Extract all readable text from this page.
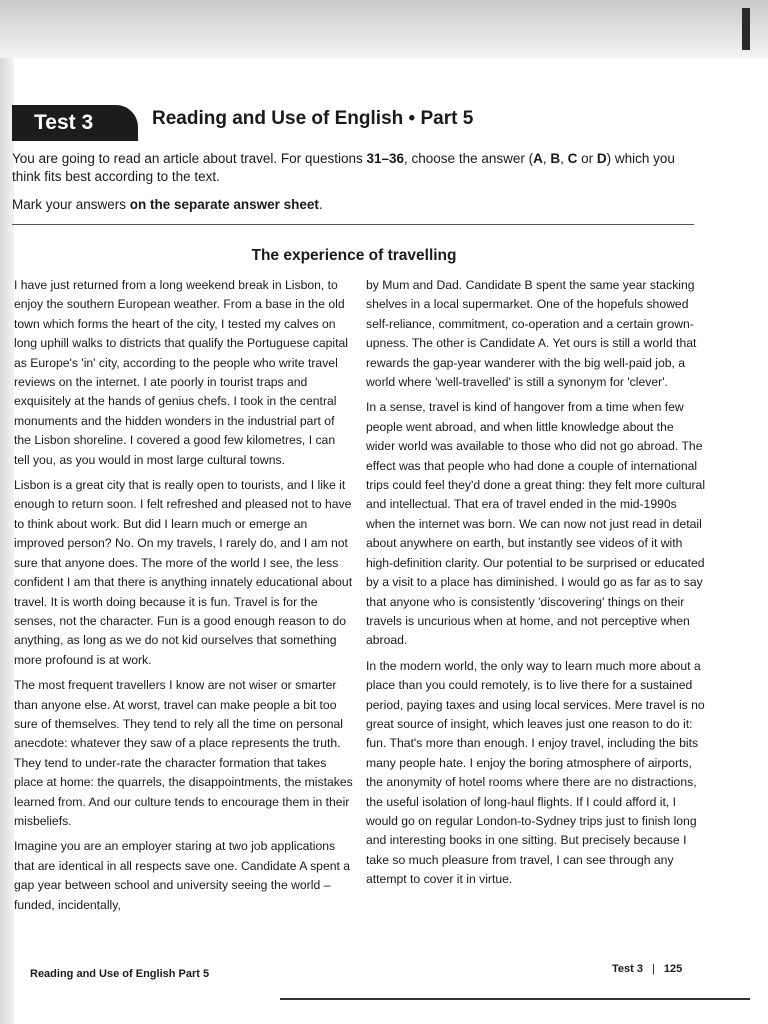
Test 3	Reading and Use of English • Part 5

You are going to read an article about travel. For questions 31–36, choose the answer (A, B, C or D) which you think fits best according to the text.

Mark your answers on the separate answer sheet.

The experience of travelling

I have just returned from a long weekend break in Lisbon, to enjoy the southern European weather. From a base in the old town which forms the heart of the city, I tested my calves on long uphill walks to districts that qualify the Portuguese capital as Europe's 'in' city, according to the people who write travel reviews on the internet. I ate poorly in tourist traps and exquisitely at the hands of genius chefs. I took in the central monuments and the hidden wonders in the industrial part of the Lisbon shoreline. I covered a good few kilometres, I can tell you, as you would in most large cultural towns.

Lisbon is a great city that is really open to tourists, and I like it enough to return soon. I felt refreshed and pleased not to have to think about work. But did I learn much or emerge an improved person? No. On my travels, I rarely do, and I am not sure that anyone does. The more of the world I see, the less confident I am that there is anything innately educational about travel. It is worth doing because it is fun. Travel is for the senses, not the character. Fun is a good enough reason to do anything, as long as we do not kid ourselves that something more profound is at work.

The most frequent travellers I know are not wiser or smarter than anyone else. At worst, travel can make people a bit too sure of themselves. They tend to rely all the time on personal anecdote: whatever they saw of a place represents the truth. They tend to under-rate the character formation that takes place at home: the quarrels, the disappointments, the mistakes learned from. And our culture tends to encourage them in their misbeliefs.

Imagine you are an employer staring at two job applications that are identical in all respects save one. Candidate A spent a gap year between school and university seeing the world – funded, incidentally,

by Mum and Dad. Candidate B spent the same year stacking shelves in a local supermarket. One of the hopefuls showed self-reliance, commitment, co-operation and a certain grown-upness. The other is Candidate A. Yet ours is still a world that rewards the gap-year wanderer with the big well-paid job, a world where 'well-travelled' is still a synonym for 'clever'.

In a sense, travel is kind of hangover from a time when few people went abroad, and when little knowledge about the wider world was available to those who did not go abroad. The effect was that people who had done a couple of international trips could feel they'd done a great thing: they felt more cultural and intellectual. That era of travel ended in the mid-1990s when the internet was born. We can now not just read in detail about anywhere on earth, but instantly see videos of it with high-definition clarity. Our potential to be surprised or educated by a visit to a place has diminished. I would go as far as to say that anyone who is consistently 'discovering' things on their travels is uncurious when at home, and not perceptive when abroad.

In the modern world, the only way to learn much more about a place than you could remotely, is to live there for a sustained period, paying taxes and using local services. Mere travel is no great source of insight, which leaves just one reason to do it: fun. That's more than enough. I enjoy travel, including the bits many people hate. I enjoy the boring atmosphere of airports, the anonymity of hotel rooms where there are no distractions, the useful isolation of long-haul flights. If I could afford it, I would go on regular London-to-Sydney trips just to finish long and interesting books in one sitting. But precisely because I take so much pleasure from travel, I can see through any attempt to cover it in virtue.

Reading and Use of English Part 5	Test 3 | 125
